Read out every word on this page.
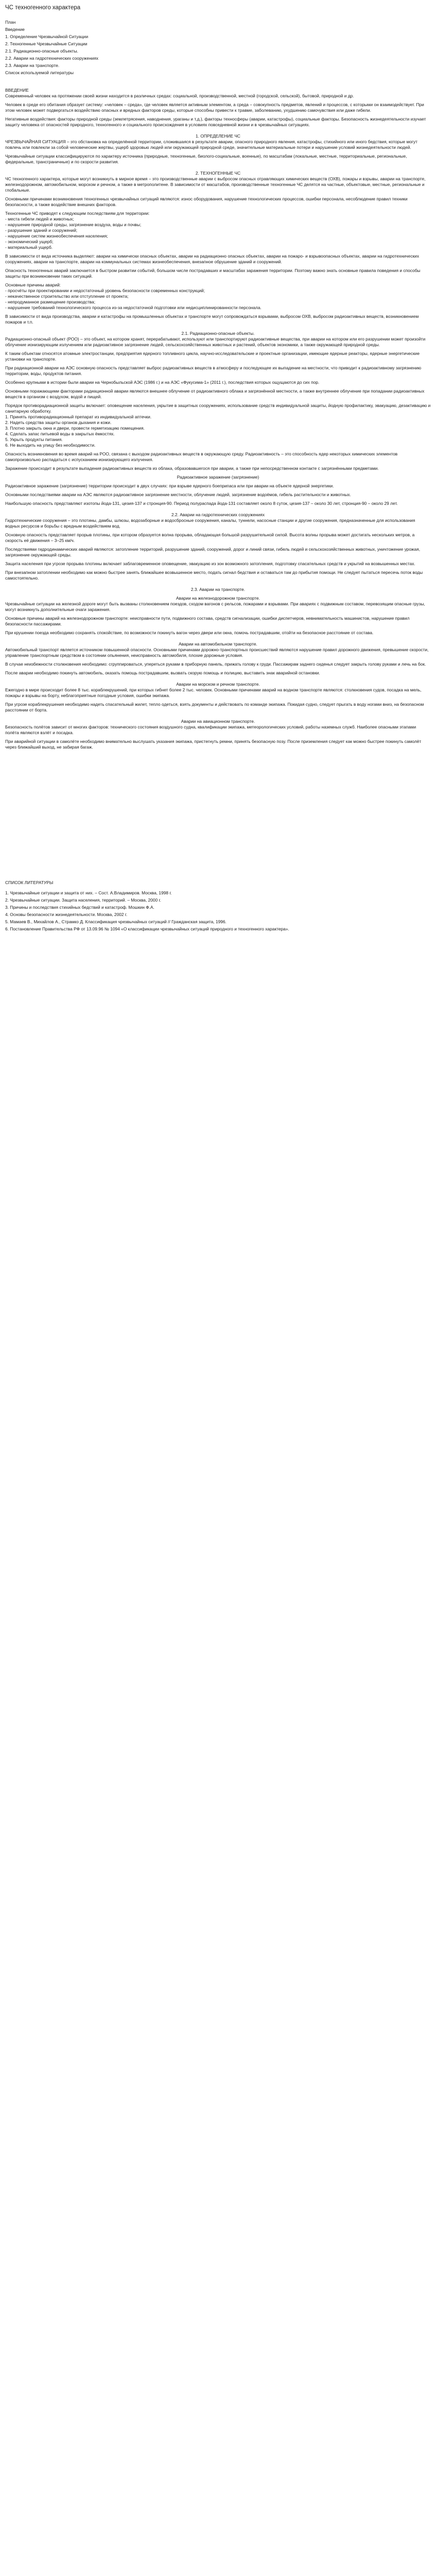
ЧС техногенного характера

План

Введение

1. Определение Чрезвычайной Ситуации

2. Техногенные Чрезвычайные Ситуации

2.1. Радиационно-опасные объекты.

2.2. Аварии на гидротехнических сооружениях

2.3. Аварии на транспорте.

Список используемой литературы

ВВЕДЕНИЕ

Современный человек на протяжении своей жизни находится в различных средах: социальной, производственной, местной (городской, сельской), бытовой, природной и др.

Человек в среде его обитания образует систему: «человек – среда», где человек является активным элементом, а среда – совокупность предметов, явлений и процессов, с которыми он взаимодействует. При этом человек может подвергаться воздействию опасных и вредных факторов среды, которые способны привести к травме, заболеванию, ухудшению самочувствия или даже гибели.

Негативные воздействия: факторы природной среды (землетрясения, наводнения, ураганы и т.д.), факторы техносферы (аварии, катастрофы), социальные факторы. Безопасность жизнедеятельности изучает защиту человека от опасностей природного, техногенного и социального происхождения в условиях повседневной жизни и в чрезвычайных ситуациях.

1. ОПРЕДЕЛЕНИЕ ЧС

ЧРЕЗВЫЧАЙНАЯ СИТУАЦИЯ – это обстановка на определённой территории, сложившаяся в результате аварии, опасного природного явления, катастрофы, стихийного или иного бедствия, которые могут повлечь или повлекли за собой человеческие жертвы, ущерб здоровью людей или окружающей природной среде, значительные материальные потери и нарушение условий жизнедеятельности людей.

Чрезвычайные ситуации классифицируются по характеру источника (природные, техногенные, биолого-социальные, военные), по масштабам (локальные, местные, территориальные, региональные, федеральные, трансграничные) и по скорости развития.

2. ТЕХНОГЕННЫЕ ЧС

ЧС техногенного характера, которые могут возникнуть в мирное время – это производственные аварии с выбросом опасных отравляющих химических веществ (ОХВ), пожары и взрывы, аварии на транспорте, железнодорожном, автомобильном, морском и речном, а также в метрополитене. В зависимости от масштабов, производственные техногенные ЧС делятся на частные, объектовые, местные, региональные и глобальные.

Основными причинами возникновения техногенных чрезвычайных ситуаций являются: износ оборудования, нарушение технологических процессов, ошибки персонала, несоблюдение правил техники безопасности, а также воздействие внешних факторов.

Техногенные ЧС приводят к следующим последствиям для территории:

- места гибели людей и животных;

- нарушение природной среды, загрязнение воздуха, воды и почвы;

- разрушение зданий и сооружений;

- нарушение систем жизнеобеспечения населения;

- экономический ущерб;

- материальный ущерб.

В зависимости от вида источника выделяют: аварии на химически опасных объектах, аварии на радиационно опасных объектах, аварии на пожаро- и взрывоопасных объектах, аварии на гидротехнических сооружениях, аварии на транспорте, аварии на коммунальных системах жизнеобеспечения, внезапное обрушение зданий и сооружений.

Опасность техногенных аварий заключается в быстром развитии событий, большом числе пострадавших и масштабах заражения территории. Поэтому важно знать основные правила поведения и способы защиты при возникновении таких ситуаций.

Основные причины аварий:

- просчёты при проектировании и недостаточный уровень безопасности современных конструкций;

- некачественное строительство или отступление от проекта;

- непродуманное размещение производства;

- нарушение требований технологического процесса из-за недостаточной подготовки или недисциплинированности персонала.

В зависимости от вида производства, аварии и катастрофы на промышленных объектах и транспорте могут сопровождаться взрывами, выбросом ОХВ, выбросом радиоактивных веществ, возникновением пожаров и т.п.

2.1. Радиационно-опасные объекты.

Радиационно-опасный объект (РОО) – это объект, на котором хранят, перерабатывают, используют или транспортируют радиоактивные вещества, при аварии на котором или его разрушении может произойти облучение ионизирующим излучением или радиоактивное загрязнение людей, сельскохозяйственных животных и растений, объектов экономики, а также окружающей природной среды.

К таким объектам относятся атомные электростанции, предприятия ядерного топливного цикла, научно-исследовательские и проектные организации, имеющие ядерные реакторы, ядерные энергетические установки на транспорте.

При радиационной аварии на АЭС основную опасность представляет выброс радиоактивных веществ в атмосферу и последующее их выпадение на местности, что приводит к радиоактивному загрязнению территории, воды, продуктов питания.

Особенно крупными в истории были аварии на Чернобыльской АЭС (1986 г.) и на АЭС «Фукусима-1» (2011 г.), последствия которых ощущаются до сих пор.

Основными поражающими факторами радиационной аварии являются внешнее облучение от радиоактивного облака и загрязнённой местности, а также внутреннее облучение при попадании радиоактивных веществ в организм с воздухом, водой и пищей.

Порядок противорадиационной защиты включает: оповещение населения, укрытие в защитных сооружениях, использование средств индивидуальной защиты, йодную профилактику, эвакуацию, дезактивацию и санитарную обработку.

1. Принять противорадиационный препарат из индивидуальной аптечки.

2. Надеть средства защиты органов дыхания и кожи.

3. Плотно закрыть окна и двери, провести герметизацию помещения.

4. Сделать запас питьевой воды в закрытых ёмкостях.

5. Укрыть продукты питания.

6. Не выходить на улицу без необходимости.

Опасность возникновения во время аварий на РОО, связана с выходом радиоактивных веществ в окружающую среду. Радиоактивность – это способность ядер некоторых химических элементов самопроизвольно распадаться с испусканием ионизирующего излучения.

Заражение происходит в результате выпадения радиоактивных веществ из облака, образовавшегося при аварии, а также при непосредственном контакте с загрязнёнными предметами.

Радиоактивное заражение (загрязнение)

Радиоактивное заражение (загрязнение) территории происходит в двух случаях: при взрыве ядерного боеприпаса или при аварии на объекте ядерной энергетики.

Основными последствиями аварии на АЭС являются радиоактивное загрязнение местности, облучение людей, загрязнение водоёмов, гибель растительности и животных.

Наибольшую опасность представляют изотопы йода-131, цезия-137 и стронция-90. Период полураспада йода-131 составляет около 8 суток, цезия-137 – около 30 лет, стронция-90 – около 29 лет.

2.2. Аварии на гидротехнических сооружениях

Гидротехнические сооружения – это плотины, дамбы, шлюзы, водозаборные и водосбросные сооружения, каналы, туннели, насосные станции и другие сооружения, предназначенные для использования водных ресурсов и борьбы с вредным воздействием вод.

Основную опасность представляет прорыв плотины, при котором образуется волна прорыва, обладающая большой разрушительной силой. Высота волны прорыва может достигать нескольких метров, а скорость её движения – 3–25 км/ч.

Последствиями гидродинамических аварий являются: затопление территорий, разрушение зданий, сооружений, дорог и линий связи, гибель людей и сельскохозяйственных животных, уничтожение урожая, загрязнение окружающей среды.

Защита населения при угрозе прорыва плотины включает заблаговременное оповещение, эвакуацию из зон возможного затопления, подготовку спасательных средств и укрытий на возвышенных местах.

При внезапном затоплении необходимо как можно быстрее занять ближайшее возвышенное место, подать сигнал бедствия и оставаться там до прибытия помощи. Не следует пытаться пересечь поток воды самостоятельно.

2.3. Аварии на транспорте.

Аварии на железнодорожном транспорте.

Чрезвычайные ситуации на железной дороге могут быть вызваны столкновением поездов, сходом вагонов с рельсов, пожарами и взрывами. При авариях с подвижным составом, перевозящим опасные грузы, могут возникнуть дополнительные очаги заражения.

Основные причины аварий на железнодорожном транспорте: неисправности пути, подвижного состава, средств сигнализации, ошибки диспетчеров, невнимательность машинистов, нарушение правил безопасности пассажирами.

При крушении поезда необходимо сохранять спокойствие, по возможности покинуть вагон через двери или окна, помочь пострадавшим, отойти на безопасное расстояние от состава.

Аварии на автомобильном транспорте.

Автомобильный транспорт является источником повышенной опасности. Основными причинами дорожно-транспортных происшествий являются нарушение правил дорожного движения, превышение скорости, управление транспортным средством в состоянии опьянения, неисправность автомобиля, плохие дорожные условия.

В случае неизбежности столкновения необходимо: сгруппироваться, упереться руками в приборную панель, прижать голову к груди. Пассажирам заднего сиденья следует закрыть голову руками и лечь на бок.

После аварии необходимо покинуть автомобиль, оказать помощь пострадавшим, вызвать скорую помощь и полицию, выставить знак аварийной остановки.

Аварии на морском и речном транспорте.

Ежегодно в мире происходит более 8 тыс. кораблекрушений, при которых гибнет более 2 тыс. человек. Основными причинами аварий на водном транспорте являются: столкновения судов, посадка на мель, пожары и взрывы на борту, неблагоприятные погодные условия, ошибки экипажа.

При угрозе кораблекрушения необходимо надеть спасательный жилет, тепло одеться, взять документы и действовать по команде экипажа. Покидая судно, следует прыгать в воду ногами вниз, на безопасном расстоянии от борта.

Аварии на авиационном транспорте.

Безопасность полётов зависит от многих факторов: технического состояния воздушного судна, квалификации экипажа, метеорологических условий, работы наземных служб. Наиболее опасными этапами полёта являются взлёт и посадка.

При аварийной ситуации в самолёте необходимо внимательно выслушать указания экипажа, пристегнуть ремни, принять безопасную позу. После приземления следует как можно быстрее покинуть самолёт через ближайший выход, не забирая багаж.

СПИСОК ЛИТЕРАТУРЫ

1. Чрезвычайные ситуации и защита от них. – Сост. А.Владимиров. Москва, 1998 г.

2. Чрезвычайные ситуации. Защита населения, территорий. – Москва, 2000 г.

3. Причины и последствия стихийных бедствий и катастроф. Мошкин Ф.А.

4. Основы безопасности жизнедеятельности. Москва, 2002 г.

5. Мамаев В., Михайлов А., Страмко Д. Классификация чрезвычайных ситуаций // Гражданская защита, 1996.

6. Постановление Правительства РФ от 13.09.96 № 1094 «О классификации чрезвычайных ситуаций природного и техногенного характера».
